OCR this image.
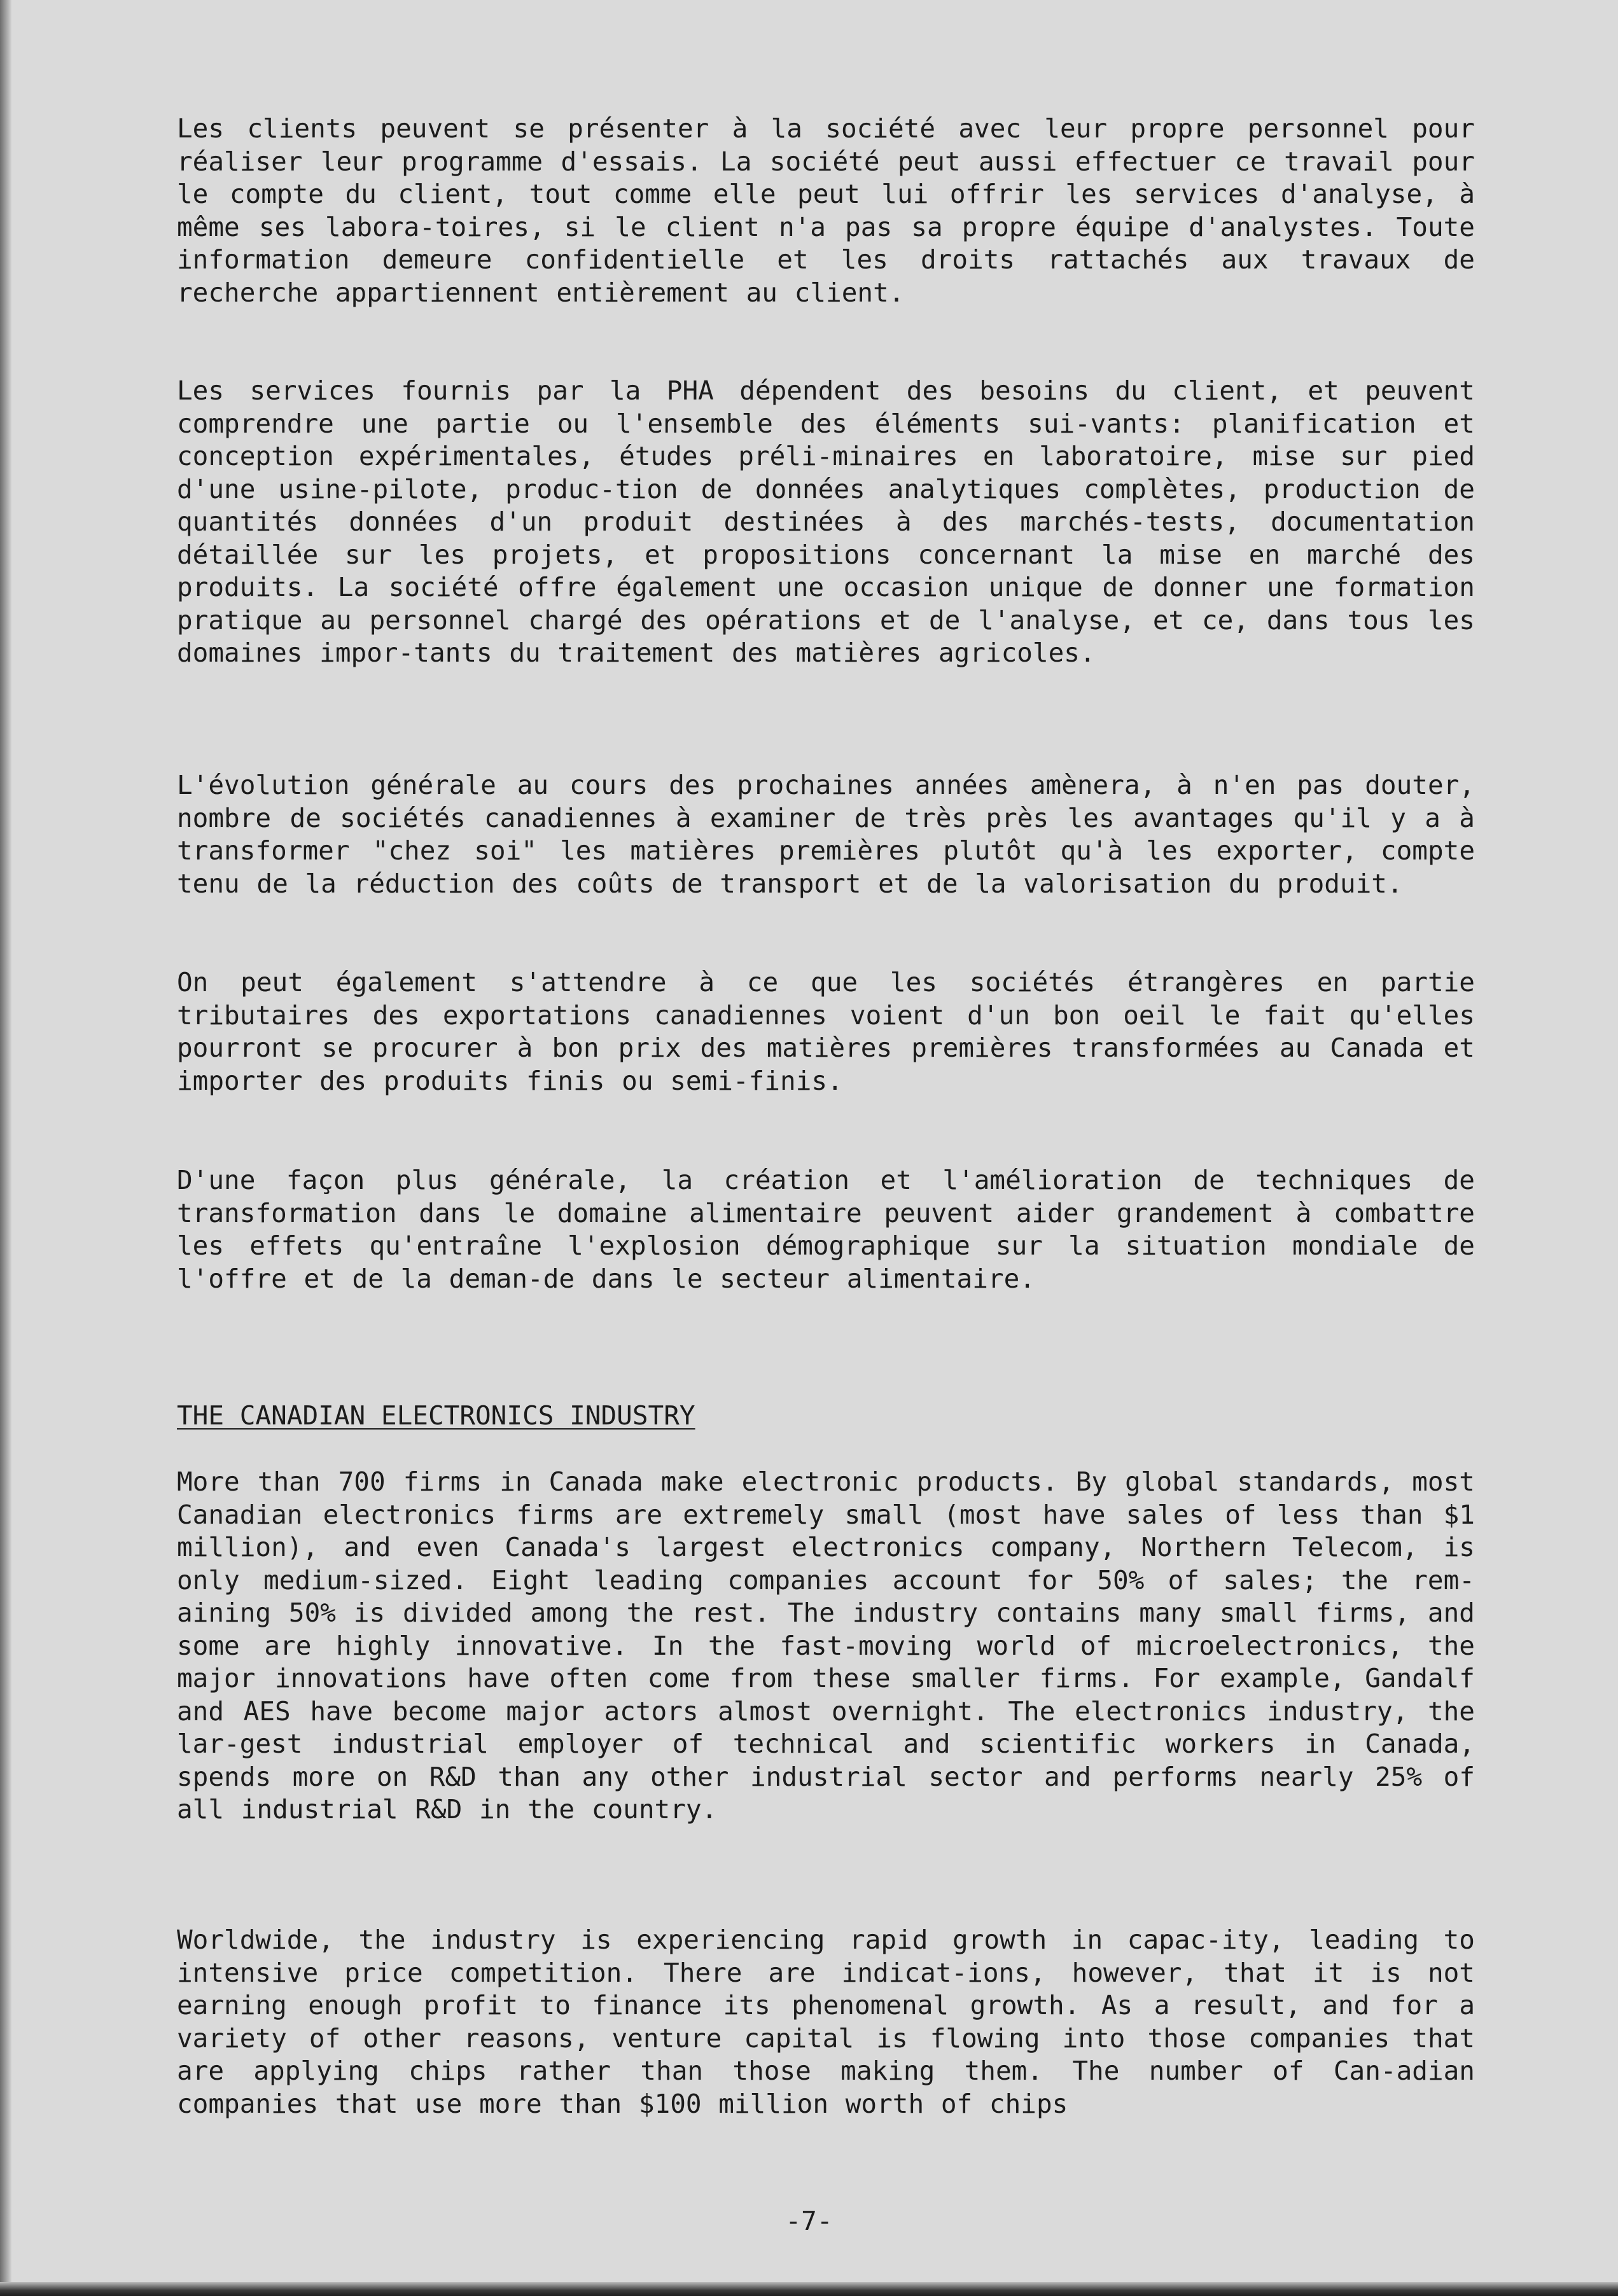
Les clients peuvent se présenter à la société avec leur propre personnel pour réaliser leur programme d'essais. La société peut aussi effectuer ce travail pour le compte du client, tout comme elle peut lui offrir les services d'analyse, à même ses labora-toires, si le client n'a pas sa propre équipe d'analystes. Toute information demeure confidentielle et les droits rattachés aux travaux de recherche appartiennent entièrement au client.

Les services fournis par la PHA dépendent des besoins du client, et peuvent comprendre une partie ou l'ensemble des éléments sui-vants: planification et conception expérimentales, études préli-minaires en laboratoire, mise sur pied d'une usine-pilote, produc-tion de données analytiques complètes, production de quantités données d'un produit destinées à des marchés-tests, documentation détaillée sur les projets, et propositions concernant la mise en marché des produits. La société offre également une occasion unique de donner une formation pratique au personnel chargé des opérations et de l'analyse, et ce, dans tous les domaines impor-tants du traitement des matières agricoles.

L'évolution générale au cours des prochaines années amènera, à n'en pas douter, nombre de sociétés canadiennes à examiner de très près les avantages qu'il y a à transformer "chez soi" les matières premières plutôt qu'à les exporter, compte tenu de la réduction des coûts de transport et de la valorisation du produit.

On peut également s'attendre à ce que les sociétés étrangères en partie tributaires des exportations canadiennes voient d'un bon oeil le fait qu'elles pourront se procurer à bon prix des matières premières transformées au Canada et importer des produits finis ou semi-finis.

D'une façon plus générale, la création et l'amélioration de techniques de transformation dans le domaine alimentaire peuvent aider grandement à combattre les effets qu'entraîne l'explosion démographique sur la situation mondiale de l'offre et de la deman-de dans le secteur alimentaire.

THE CANADIAN ELECTRONICS INDUSTRY

More than 700 firms in Canada make electronic products. By global standards, most Canadian electronics firms are extremely small (most have sales of less than $1 million), and even Canada's largest electronics company, Northern Telecom, is only medium-sized. Eight leading companies account for 50% of sales; the rem-aining 50% is divided among the rest. The industry contains many small firms, and some are highly innovative. In the fast-moving world of microelectronics, the major innovations have often come from these smaller firms. For example, Gandalf and AES have become major actors almost overnight. The electronics industry, the lar-gest industrial employer of technical and scientific workers in Canada, spends more on R&D than any other industrial sector and performs nearly 25% of all industrial R&D in the country.

Worldwide, the industry is experiencing rapid growth in capac-ity, leading to intensive price competition. There are indicat-ions, however, that it is not earning enough profit to finance its phenomenal growth. As a result, and for a variety of other reasons, venture capital is flowing into those companies that are applying chips rather than those making them. The number of Can-adian companies that use more than $100 million worth of chips

-7-
